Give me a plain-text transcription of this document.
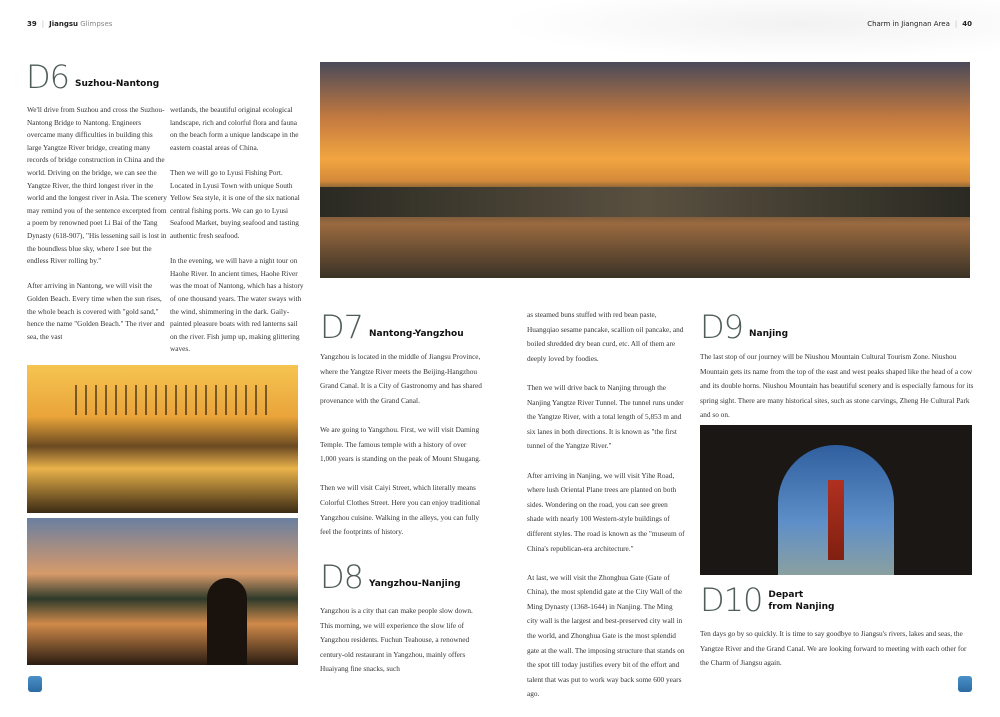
39 | Jiangsu Glimpses	Charm in Jiangnan Area | 40
D6 Suzhou-Nantong

We'll drive from Suzhou and cross the Suzhou-Nantong Bridge to Nantong. Engineers overcame many difficulties in building this large Yangtze River bridge, creating many records of bridge construction in China and the world. Driving on the bridge, we can see the Yangtze River, the third longest river in the world and the longest river in Asia. The scenery may remind you of the sentence excerpted from a poem by renowned poet Li Bai of the Tang Dynasty (618-907), "His lessening sail is lost in the boundless blue sky, where I see but the endless River rolling by."

After arriving in Nantong, we will visit the Golden Beach. Every time when the sun rises, the whole beach is covered with "gold sand," hence the name "Golden Beach." The river and sea, the vast

wetlands, the beautiful original ecological landscape, rich and colorful flora and fauna on the beach form a unique landscape in the eastern coastal areas of China.

Then we will go to Lyusi Fishing Port. Located in Lyusi Town with unique South Yellow Sea style, it is one of the six national central fishing ports. We can go to Lyusi Seafood Market, buying seafood and tasting authentic fresh seafood.

In the evening, we will have a night tour on Haohe River. In ancient times, Haohe River was the moat of Nantong, which has a history of one thousand years. The water sways with the wind, shimmering in the dark. Gaily-painted pleasure boats with red lanterns sail on the river. Fish jump up, making glittering waves.

D7 Nantong-Yangzhou

Yangzhou is located in the middle of Jiangsu Province, where the Yangtze River meets the Beijing-Hangzhou Grand Canal. It is a City of Gastronomy and has shared provenance with the Grand Canal.

We are going to Yangzhou. First, we will visit Daming Temple. The famous temple with a history of over 1,000 years is standing on the peak of Mount Shugang.

Then we will visit Caiyi Street, which literally means Colorful Clothes Street. Here you can enjoy traditional Yangzhou cuisine. Walking in the alleys, you can fully feel the footprints of history.

D8 Yangzhou-Nanjing

Yangzhou is a city that can make people slow down. This morning, we will experience the slow life of Yangzhou residents. Fuchun Teahouse, a renowned century-old restaurant in Yangzhou, mainly offers Huaiyang fine snacks, such

as steamed buns stuffed with red bean paste, Huangqiao sesame pancake, scallion oil pancake, and boiled shredded dry bean curd, etc. All of them are deeply loved by foodies.

Then we will drive back to Nanjing through the Nanjing Yangtze River Tunnel. The tunnel runs under the Yangtze River, with a total length of 5,853 m and six lanes in both directions. It is known as "the first tunnel of the Yangtze River."

After arriving in Nanjing, we will visit Yihe Road, where lush Oriental Plane trees are planted on both sides. Wondering on the road, you can see green shade with nearly 100 Western-style buildings of different styles. The road is known as the "museum of China's republican-era architecture."

At last, we will visit the Zhonghua Gate (Gate of China), the most splendid gate at the City Wall of the Ming Dynasty (1368-1644) in Nanjing. The Ming city wall is the largest and best-preserved city wall in the world, and Zhonghua Gate is the most splendid gate at the wall. The imposing structure that stands on the spot till today justifies every bit of the effort and talent that was put to work way back some 600 years ago.

D9 Nanjing

The last stop of our journey will be Niushou Mountain Cultural Tourism Zone. Niushou Mountain gets its name from the top of the east and west peaks shaped like the head of a cow and its double horns. Niushou Mountain has beautiful scenery and is especially famous for its spring sight. There are many historical sites, such as stone carvings, Zheng He Cultural Park and so on.

D10 Depart
from Nanjing

Ten days go by so quickly. It is time to say goodbye to Jiangsu's rivers, lakes and seas, the Yangtze River and the Grand Canal. We are looking forward to meeting with each other for the Charm of Jiangsu again.
